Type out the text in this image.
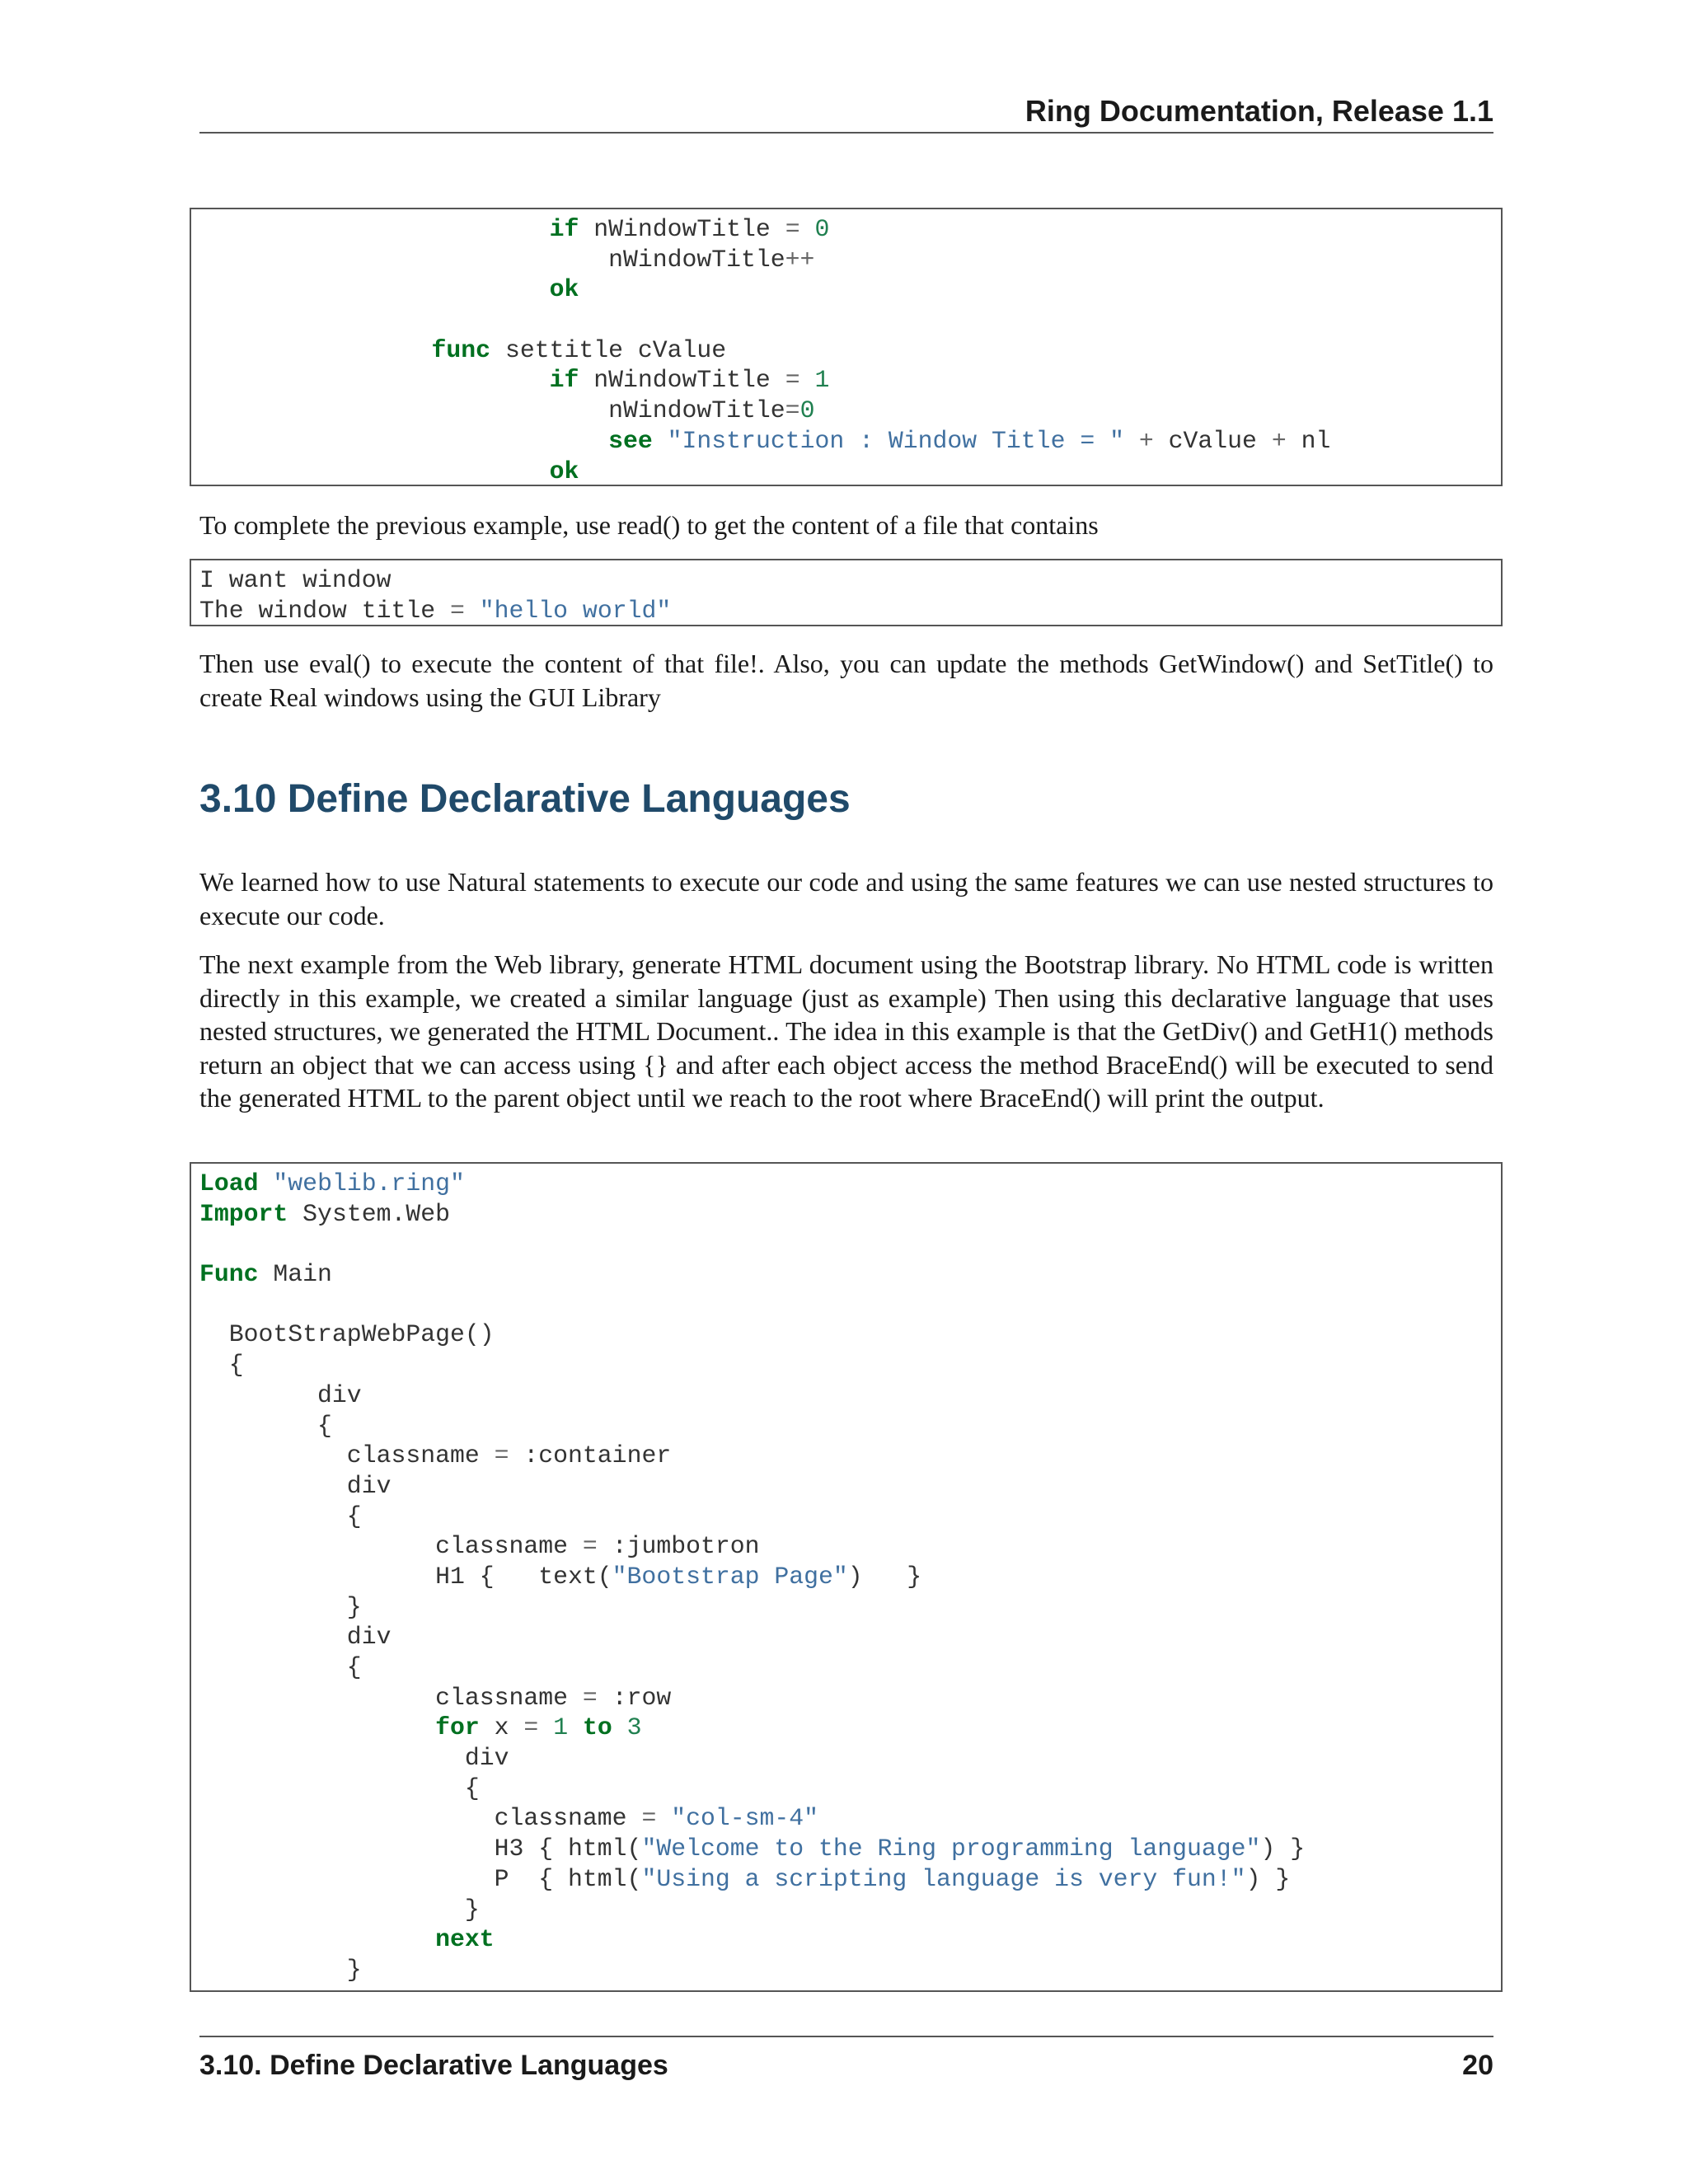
Ring Documentation, Release 1.1
if nWindowTitle = 0
nWindowTitle++
ok
func settitle cValue
if nWindowTitle = 1
nWindowTitle=0
see "Instruction : Window Title = " + cValue + nl
ok
To complete the previous example, use read() to get the content of a file that contains
I want window
The window title = "hello world"
Then use eval() to execute the content of that file!. Also, you can update the methods GetWindow() and SetTitle() to create Real windows using the GUI Library
3.10 Define Declarative Languages
We learned how to use Natural statements to execute our code and using the same features we can use nested structures to execute our code.
The next example from the Web library, generate HTML document using the Bootstrap library. No HTML code is written directly in this example, we created a similar language (just as example) Then using this declarative language that uses nested structures, we generated the HTML Document.. The idea in this example is that the GetDiv() and GetH1() methods return an object that we can access using {} and after each object access the method BraceEnd() will be executed to send the generated HTML to the parent object until we reach to the root where BraceEnd() will print the output.
Load "weblib.ring"
Import System.Web
Func Main
BootStrapWebPage()
{
div
{
classname = :container
div
{
classname = :jumbotron
H1 {   text("Bootstrap Page")   }
}
div
{
classname = :row
for x = 1 to 3
div
{
classname = "col-sm-4"
H3 { html("Welcome to the Ring programming language") }
P  { html("Using a scripting language is very fun!") }
}
next
}
3.10. Define Declarative Languages	20
